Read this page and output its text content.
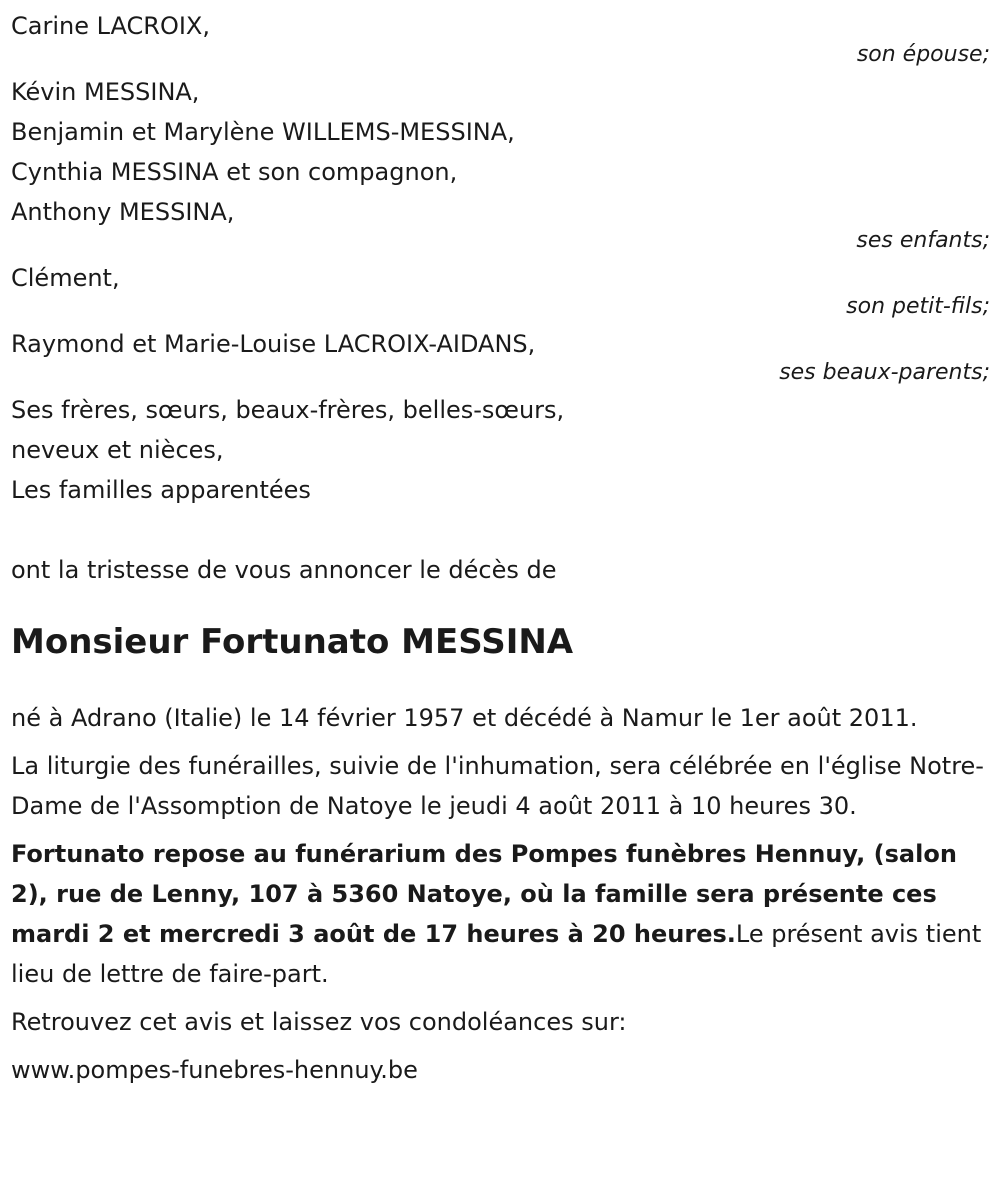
Carine LACROIX,
son épouse;
Kévin MESSINA,
Benjamin et Marylène WILLEMS-MESSINA,
Cynthia MESSINA et son compagnon,
Anthony MESSINA,
ses enfants;
Clément,
son petit-fils;
Raymond et Marie-Louise LACROIX-AIDANS,
ses beaux-parents;
Ses frères, sœurs, beaux-frères, belles-sœurs,
neveux et nièces,
Les familles apparentées
ont la tristesse de vous annoncer le décès de
Monsieur Fortunato MESSINA
né à Adrano (Italie) le 14 février 1957 et décédé à Namur le 1er août 2011.
La liturgie des funérailles, suivie de l'inhumation, sera célébrée en l'église Notre-Dame de l'Assomption de Natoye le jeudi 4 août 2011 à 10 heures 30.
Fortunato repose au funérarium des Pompes funèbres Hennuy, (salon 2), rue de Lenny, 107 à 5360 Natoye, où la famille sera présente ces mardi 2 et mercredi 3 août de 17 heures à 20 heures.Le présent avis tient lieu de lettre de faire-part.
Retrouvez cet avis et laissez vos condoléances sur:
www.pompes-funebres-hennuy.be
